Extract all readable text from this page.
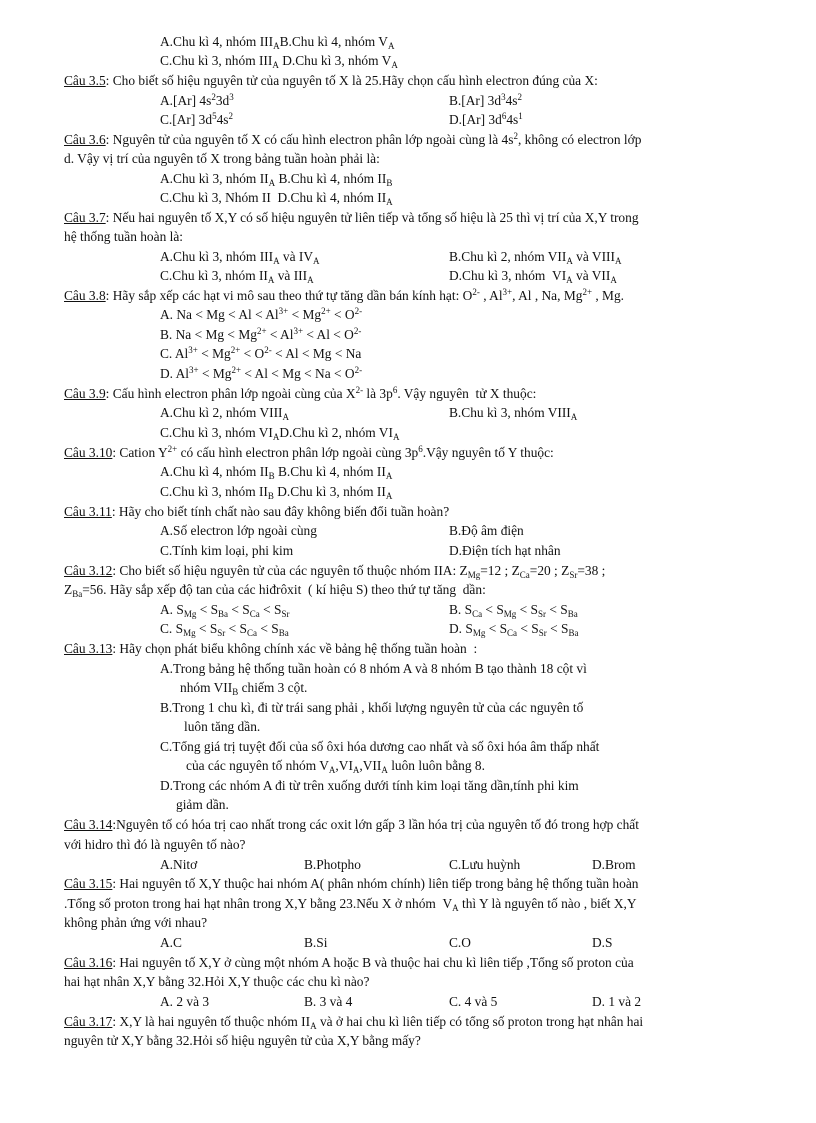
A.Chu kì 4, nhóm $III_AB.Chu$ kì 4, nhóm $V_A$
C.Chu kì 3, nhóm $III_A$ D.Chu kì 3, nhóm $V_A$
Câu 3.5: Cho biết số hiệu nguyên tử của nguyên tố X là 25.Hãy chọn cấu hình electron đúng của X:
A.[Ar] $4s^23d^3$	B.[Ar] $3d^34s^2$
C.[Ar] $3d^54s^2$	D.[Ar] $3d^64s^1$
Câu 3.6: Nguyên tử của nguyên tố X có cấu hình electron phân lớp ngoài cùng là $4s^2$, không có electron lớp
d. Vậy vị trí của nguyên tố X trong bảng tuần hoàn phải là:
A.Chu kì 3, nhóm $II_A$ B.Chu kì 4, nhóm $II_B$
C.Chu kì 3, Nhóm II  D.Chu kì 4, nhóm $II_A$
Câu 3.7: Nếu hai nguyên tố X,Y có số hiệu nguyên tử liên tiếp và tổng số hiệu là 25 thì vị trí của X,Y trong
hệ thống tuần hoàn là:
A.Chu kì 3, nhóm $III_A$ và $IV_A$	B.Chu kì 2, nhóm $VII_A$ và $VIII_A$
C.Chu kì 3, nhóm $II_A$ và $III_A$	D.Chu kì 3, nhóm  $VI_A$ và $VII_A$
Câu 3.8: Hãy sắp xếp các hạt vi mô sau theo thứ tự tăng dần bán kính hạt: $O^{2-}$ , $Al^{3+}$, Al , Na, $Mg^{2+}$ , Mg.
A. $Na < Mg < Al < Al^{3+} < Mg^{2+} < O^{2-}$
B. $Na < Mg < Mg^{2+} < Al^{3+} < Al < O^{2-}$
C. $Al^{3+} < Mg^{2+} < O^{2-} < Al < Mg < Na$
D. $Al^{3+} < Mg^{2+} < Al < Mg < Na < O^{2-}$
Câu 3.9: Cấu hình electron phân lớp ngoài cùng của $X^{2-}$ là $3p^6$. Vậy nguyên  tử X thuộc:
A.Chu kì 2, nhóm $VIII_A$	B.Chu kì 3, nhóm $VIII_A$
C.Chu kì 3, nhóm $VI_AD.Chu$ kì 2, nhóm $VI_A$
Câu 3.10: Cation $Y^{2+}$ có cấu hình electron phân lớp ngoài cùng $3p^6.Vậy$ nguyên tố Y thuộc:
A.Chu kì 4, nhóm $II_B$ B.Chu kì 4, nhóm $II_A$
C.Chu kì 3, nhóm $II_B$ D.Chu kì 3, nhóm $II_A$
Câu 3.11: Hãy cho biết tính chất nào sau đây không biến đổi tuần hoàn?
A.Số electron lớp ngoài cùng	B.Độ âm điện
C.Tính kim loại, phi kim	D.Điện tích hạt nhân
Câu 3.12: Cho biết số hiệu nguyên tử của các nguyên tố thuộc nhóm IIA: $Z_{Mg}=12$ ; $Z_{Ca}=20$ ; $Z_{Sr}=38$ ;
$Z_{Ba}=56$. Hãy sắp xếp độ tan của các hiđrôxit  ( kí hiệu S) theo thứ tự tăng  dần:
A. $S_{Mg} < S_{Ba} < S_{Ca} < S_{Sr}$	B. $S_{Ca} < S_{Mg} < S_{Sr} < S_{Ba}$
C. $S_{Mg} < S_{Sr} < S_{Ca} < S_{Ba}$	D. $S_{Mg} < S_{Ca} < S_{Sr} < S_{Ba}$
Câu 3.13: Hãy chọn phát biểu không chính xác về bảng hệ thống tuần hoàn  :
A.Trong bảng hệ thống tuần hoàn có 8 nhóm A và 8 nhóm B tạo thành 18 cột vì
nhóm $VII_B$ chiếm 3 cột.
B.Trong 1 chu kì, đi từ trái sang phải , khối lượng nguyên tử của các nguyên tố
luôn tăng dần.
C.Tổng giá trị tuyệt đối của số ôxi hóa dương cao nhất và số ôxi hóa âm thấp nhất
của các nguyên tố nhóm $V_A,VI_A,VII_A$ luôn luôn bằng 8.
D.Trong các nhóm A đi từ trên xuống dưới tính kim loại tăng dần,tính phi kim
giảm dần.
Câu 3.14:Nguyên tố có hóa trị cao nhất trong các oxit lớn gấp 3 lần hóa trị của nguyên tố đó trong hợp chất
với hidro thì đó là nguyên tố nào?
A.Nitơ	B.Photpho	C.Lưu huỳnh	D.Brom
Câu 3.15: Hai nguyên tố X,Y thuộc hai nhóm A( phân nhóm chính) liên tiếp trong bảng hệ thống tuần hoàn
.Tổng số proton trong hai hạt nhân trong X,Y bằng 23.Nếu X ở nhóm  $V_A$ thì Y là nguyên tố nào , biết X,Y
không phản ứng với nhau?
A.C	B.Si	C.O	D.S
Câu 3.16: Hai nguyên tố X,Y ở cùng một nhóm A hoặc B và thuộc hai chu kì liên tiếp ,Tổng số proton của
hai hạt nhân X,Y bằng 32.Hỏi X,Y thuộc các chu kì nào?
A. 2 và 3	B. 3 và 4	C. 4 và 5	D. 1 và 2
Câu 3.17: X,Y là hai nguyên tố thuộc nhóm $II_A$ và ở hai chu kì liên tiếp có tổng số proton trong hạt nhân hai
nguyên tử X,Y bằng 32.Hỏi số hiệu nguyên tử của X,Y bằng mấy?
